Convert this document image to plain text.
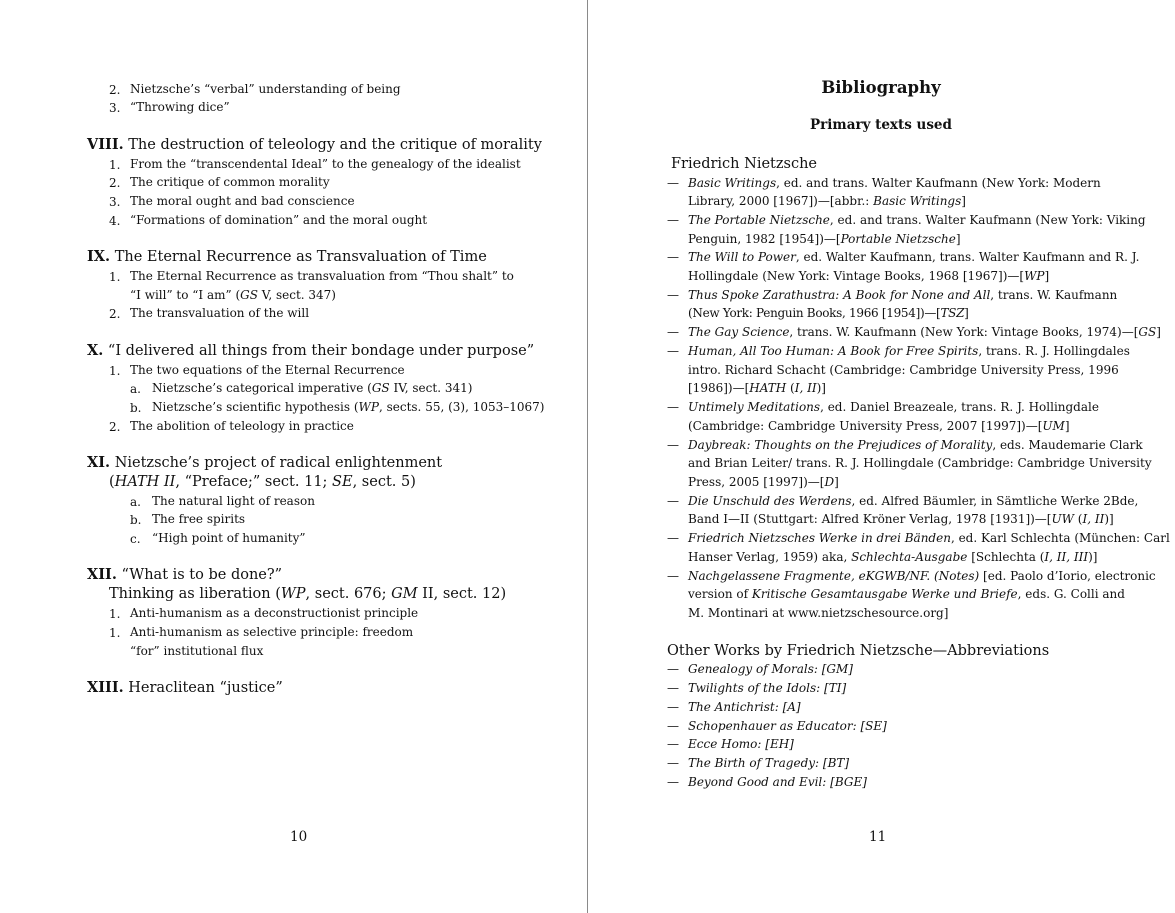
2. Nietzsche’s “verbal” understanding of being
3. “Throwing dice”
VIII. The destruction of teleology and the critique of morality
1. From the “transcendental Ideal” to the genealogy of the idealist
2. The critique of common morality
3. The moral ought and bad conscience
4. “Formations of domination” and the moral ought
IX. The Eternal Recurrence as Transvaluation of Time
1. The Eternal Recurrence as transvaluation from “Thou shalt” to
“I will” to “I am” (GS V, sect. 347)
2. The transvaluation of the will
X. “I delivered all things from their bondage under purpose”
1. The two equations of the Eternal Recurrence
a. Nietzsche’s categorical imperative (GS IV, sect. 341)
b. Nietzsche’s scientific hypothesis (WP, sects. 55, (3), 1053–1067)
2. The abolition of teleology in practice
XI. Nietzsche’s project of radical enlightenment
(HATH II, “Preface;” sect. 11; SE, sect. 5)
a. The natural light of reason
b. The free spirits
c. “High point of humanity”
XII. “What is to be done?”
Thinking as liberation (WP, sect. 676; GM II, sect. 12)
1. Anti-humanism as a deconstructionist principle
1. Anti-humanism as selective principle: freedom
“for” institutional flux
XIII. Heraclitean “justice”
10
Bibliography
Primary texts used
Friedrich Nietzsche
— Basic Writings, ed. and trans. Walter Kaufmann (New York: Modern
Library, 2000 [1967])—[abbr.: Basic Writings]
— The Portable Nietzsche, ed. and trans. Walter Kaufmann (New York: Viking
Penguin, 1982 [1954])—[Portable Nietzsche]
— The Will to Power, ed. Walter Kaufmann, trans. Walter Kaufmann and R. J.
Hollingdale (New York: Vintage Books, 1968 [1967])—[WP]
— Thus Spoke Zarathustra: A Book for None and All, trans. W. Kaufmann
(New York: Penguin Books, 1966 [1954])—[TSZ]
— The Gay Science, trans. W. Kaufmann (New York: Vintage Books, 1974)—[GS]
— Human, All Too Human: A Book for Free Spirits, trans. R. J. Hollingdales
intro. Richard Schacht (Cambridge: Cambridge University Press, 1996
[1986])—[HATH (I, II)]
— Untimely Meditations, ed. Daniel Breazeale, trans. R. J. Hollingdale
(Cambridge: Cambridge University Press, 2007 [1997])—[UM]
— Daybreak: Thoughts on the Prejudices of Morality, eds. Maudemarie Clark
and Brian Leiter/ trans. R. J. Hollingdale (Cambridge: Cambridge University
Press, 2005 [1997])—[D]
— Die Unschuld des Werdens, ed. Alfred Bäumler, in Sämtliche Werke 2Bde,
Band I—II (Stuttgart: Alfred Kröner Verlag, 1978 [1931])—[UW (I, II)]
— Friedrich Nietzsches Werke in drei Bänden, ed. Karl Schlechta (München: Carl
Hanser Verlag, 1959) aka, Schlechta-Ausgabe [Schlechta (I, II, III)]
— Nachgelassene Fragmente, eKGWB/NF. (Notes) [ed. Paolo d’Iorio, electronic
version of Kritische Gesamtausgabe Werke und Briefe, eds. G. Colli and
M. Montinari at www.nietzschesource.org]
Other Works by Friedrich Nietzsche—Abbreviations
— Genealogy of Morals: [GM]
— Twilights of the Idols: [TI]
— The Antichrist: [A]
— Schopenhauer as Educator: [SE]
— Ecce Homo: [EH]
— The Birth of Tragedy: [BT]
— Beyond Good and Evil: [BGE]
11
